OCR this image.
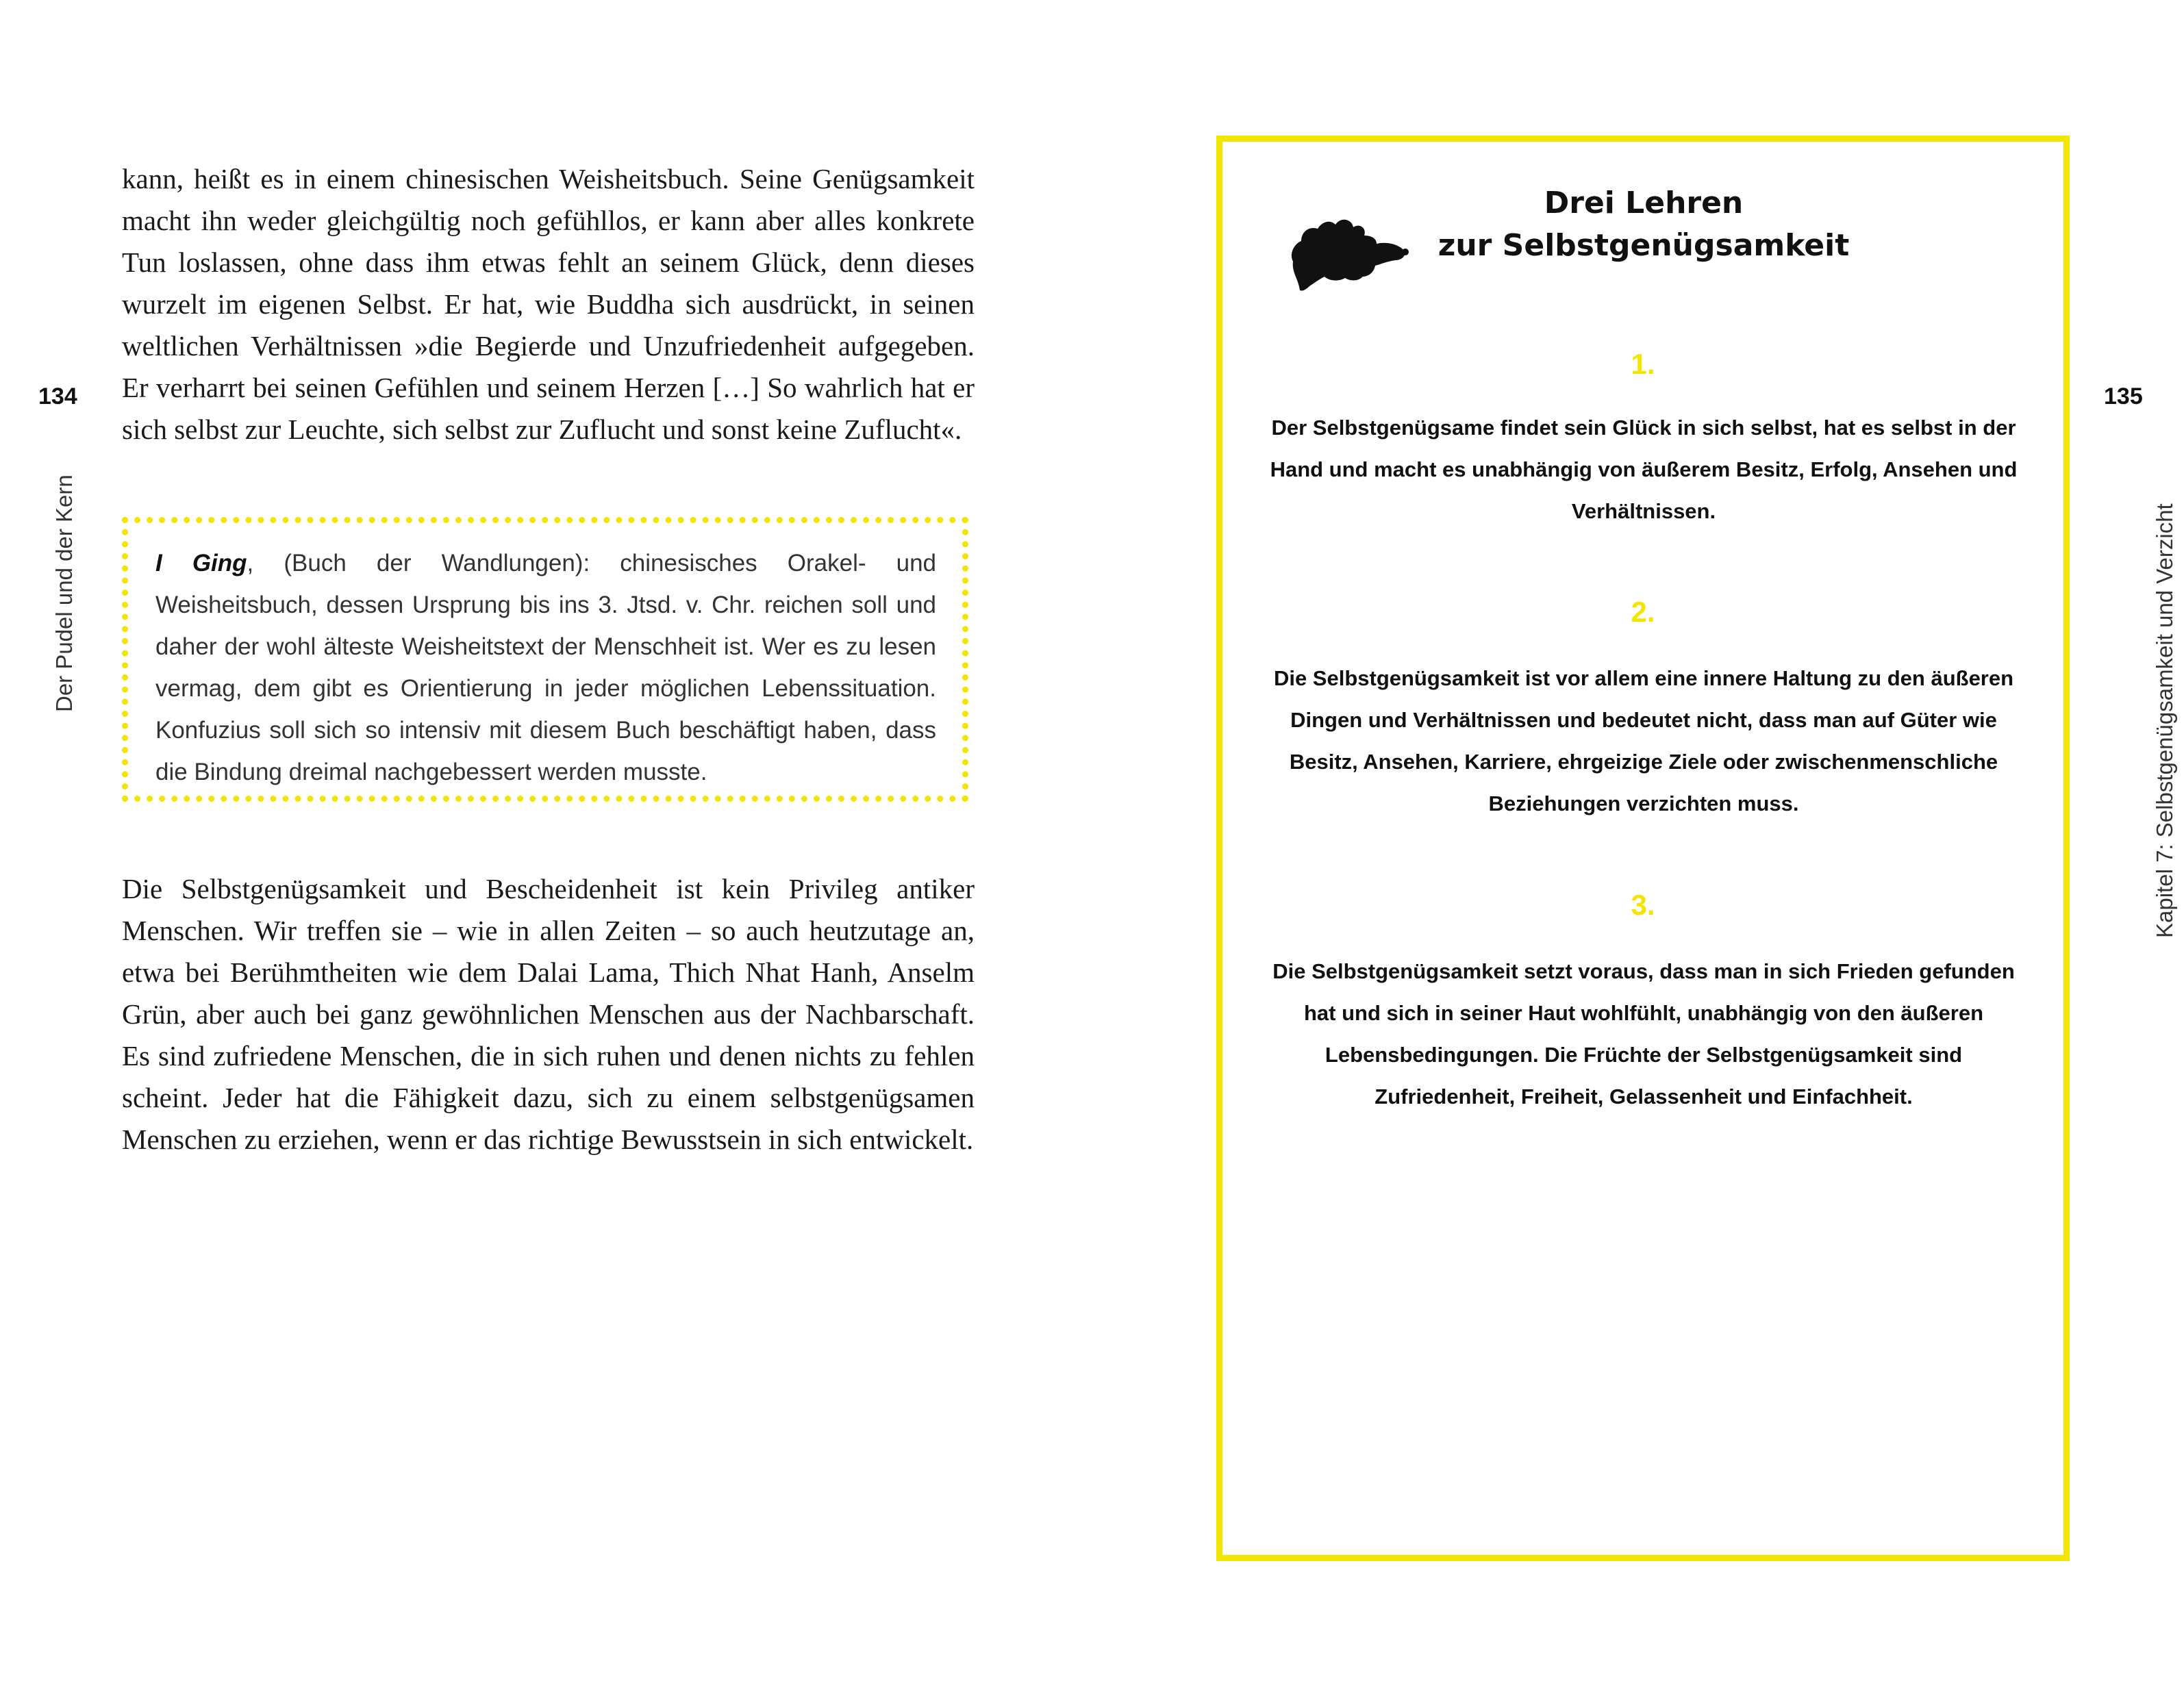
134
Der Pudel und der Kern

kann, heißt es in einem chinesischen Weisheitsbuch. Seine Genügsamkeit macht ihn weder gleichgültig noch gefühllos, er kann aber alles konkrete Tun loslassen, ohne dass ihm etwas fehlt an seinem Glück, denn dieses wurzelt im eigenen Selbst. Er hat, wie Buddha sich ausdrückt, in seinen weltlichen Verhältnissen »die Begierde und Unzufriedenheit aufgegeben. Er verharrt bei seinen Gefühlen und seinem Herzen […] So wahrlich hat er sich selbst zur Leuchte, sich selbst zur Zuflucht und sonst keine Zuflucht«.

I Ging, (Buch der Wandlungen): chinesisches Orakel- und Weisheitsbuch, dessen Ursprung bis ins 3. Jtsd. v. Chr. reichen soll und daher der wohl älteste Weisheitstext der Menschheit ist. Wer es zu lesen vermag, dem gibt es Orientierung in jeder möglichen Lebenssituation. Konfuzius soll sich so intensiv mit diesem Buch beschäftigt haben, dass die Bindung dreimal nachgebessert werden musste.

Die Selbstgenügsamkeit und Bescheidenheit ist kein Privileg antiker Menschen. Wir treffen sie – wie in allen Zeiten – so auch heutzutage an, etwa bei Berühmtheiten wie dem Dalai Lama, Thich Nhat Hanh, Anselm Grün, aber auch bei ganz gewöhnlichen Menschen aus der Nachbarschaft. Es sind zufriedene Menschen, die in sich ruhen und denen nichts zu fehlen scheint. Jeder hat die Fähigkeit dazu, sich zu einem selbstgenügsamen Menschen zu erziehen, wenn er das richtige Bewusstsein in sich entwickelt.

135
Kapitel 7: Selbstgenügsamkeit und Verzicht
Drei Lehren
zur Selbstgenügsamkeit
1.

Der Selbstgenügsame findet sein Glück in sich selbst, hat es selbst in der Hand und macht es unabhängig von äußerem Besitz, Erfolg, Ansehen und Verhältnissen.

2.

Die Selbstgenügsamkeit ist vor allem eine innere Haltung zu den äußeren Dingen und Verhältnissen und bedeutet nicht, dass man auf Güter wie Besitz, Ansehen, Karriere, ehrgeizige Ziele oder zwischenmenschliche Beziehungen verzichten muss.

3.

Die Selbstgenügsamkeit setzt voraus, dass man in sich Frieden gefunden hat und sich in seiner Haut wohlfühlt, unabhängig von den äußeren Lebensbedingungen. Die Früchte der Selbstgenügsamkeit sind Zufriedenheit, Freiheit, Gelassenheit und Einfachheit.
